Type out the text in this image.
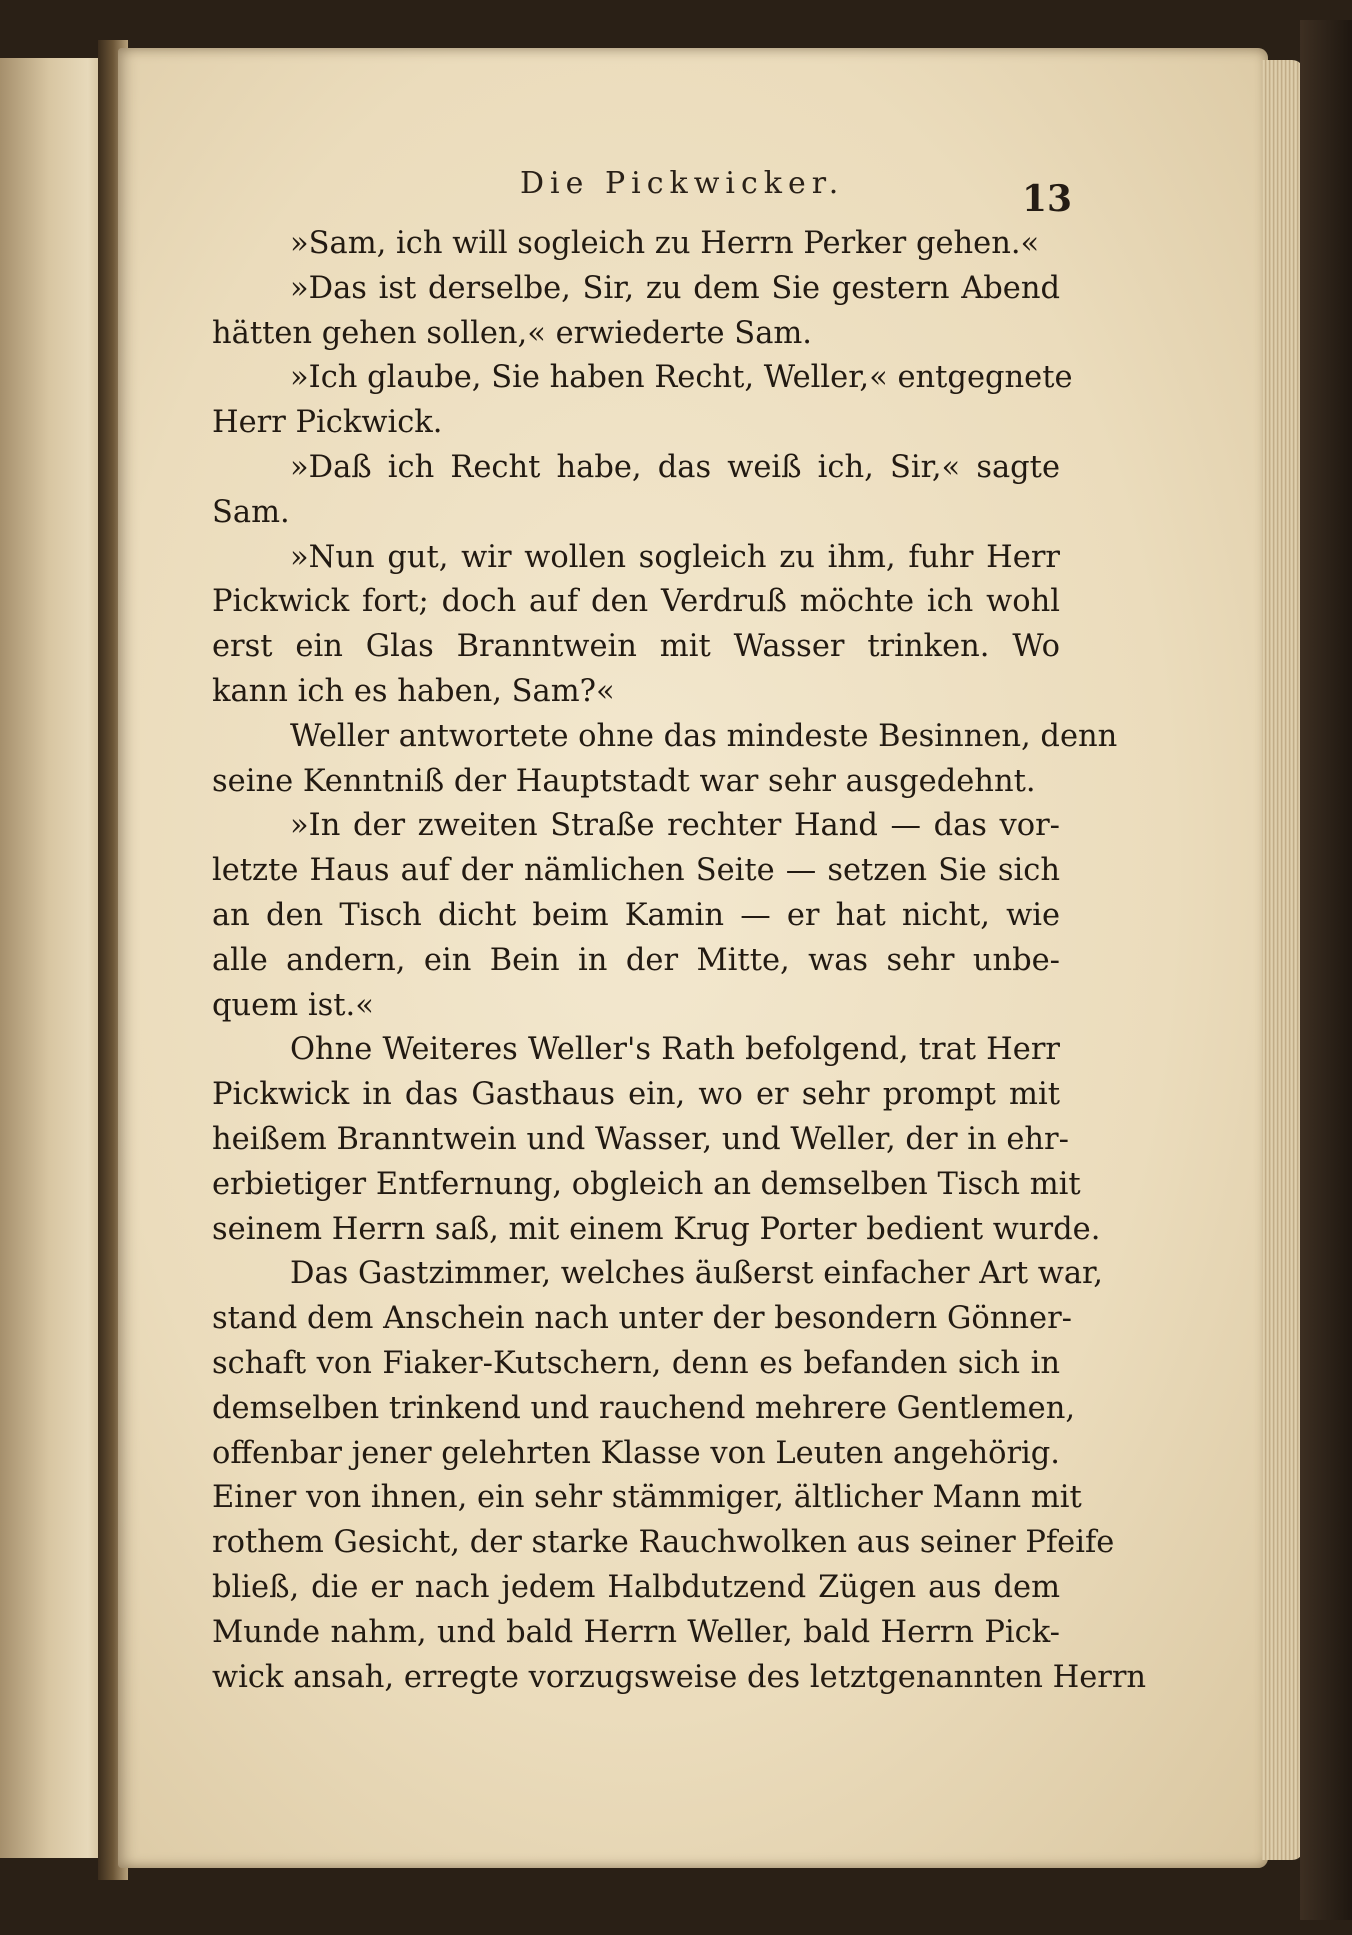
Die Pickwicker.	13
»Sam, ich will sogleich zu Herrn Perker gehen.«
»Das ist derselbe, Sir, zu dem Sie gestern Abend
hätten gehen sollen,« erwiederte Sam.
»Ich glaube, Sie haben Recht, Weller,« entgegnete
Herr Pickwick.
»Daß ich Recht habe, das weiß ich, Sir,« sagte
Sam.
»Nun gut, wir wollen sogleich zu ihm, fuhr Herr
Pickwick fort; doch auf den Verdruß möchte ich wohl
erst ein Glas Branntwein mit Wasser trinken. Wo
kann ich es haben, Sam?«
Weller antwortete ohne das mindeste Besinnen, denn
seine Kenntniß der Hauptstadt war sehr ausgedehnt.
»In der zweiten Straße rechter Hand — das vor-
letzte Haus auf der nämlichen Seite — setzen Sie sich
an den Tisch dicht beim Kamin — er hat nicht, wie
alle andern, ein Bein in der Mitte, was sehr unbe-
quem ist.«
Ohne Weiteres Weller's Rath befolgend, trat Herr
Pickwick in das Gasthaus ein, wo er sehr prompt mit
heißem Branntwein und Wasser, und Weller, der in ehr-
erbietiger Entfernung, obgleich an demselben Tisch mit
seinem Herrn saß, mit einem Krug Porter bedient wurde.
Das Gastzimmer, welches äußerst einfacher Art war,
stand dem Anschein nach unter der besondern Gönner-
schaft von Fiaker-Kutschern, denn es befanden sich in
demselben trinkend und rauchend mehrere Gentlemen,
offenbar jener gelehrten Klasse von Leuten angehörig.
Einer von ihnen, ein sehr stämmiger, ältlicher Mann mit
rothem Gesicht, der starke Rauchwolken aus seiner Pfeife
bließ, die er nach jedem Halbdutzend Zügen aus dem
Munde nahm, und bald Herrn Weller, bald Herrn Pick-
wick ansah, erregte vorzugsweise des letztgenannten Herrn
